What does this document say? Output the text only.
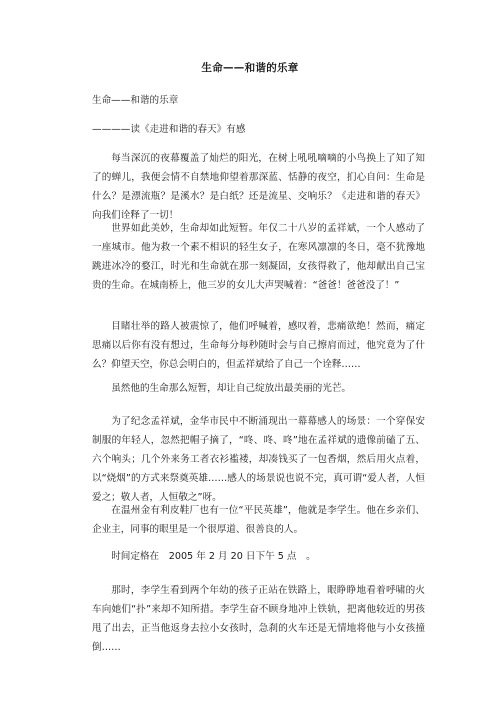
生命——和谐的乐章
生命——和谐的乐章
————读《走进和谐的春天》有感

每当深沉的夜幕覆盖了灿烂的阳光，在树上吼吼嘀嘀的小鸟换上了知了知了的蝉儿，我便会情不自禁地仰望着那深蓝、恬静的夜空，扪心自问：生命是什么？是漂流瓶？是溪水？是白纸？还是流星、交响乐？《走进和谐的春天》向我们诠释了一切！

世界如此美妙，生命却如此短暂。年仅二十八岁的孟祥斌，一个人感动了一座城市。他为救一个素不相识的轻生女子，在寒风凛凛的冬日，毫不犹豫地跳进冰冷的婺江，时光和生命就在那一刻凝固，女孩得救了，他却献出自己宝贵的生命。在城南桥上，他三岁的女儿大声哭喊着：“爸爸！爸爸没了！”

目睹壮举的路人被震惊了，他们呼喊着，感叹着，悲痛欲绝！然而，痛定思痛以后你有没有想过，生命每分每秒随时会与自己擦肩而过，他究竟为了什么？仰望天空，你总会明白的，但孟祥斌给了自己一个诠释……

虽然他的生命那么短暂，却让自己绽放出最美丽的光芒。

为了纪念孟祥斌，金华市民中不断涌现出一幕幕感人的场景：一个穿保安制服的年轻人，忽然把帽子摘了，“咚、咚、咚”地在孟祥斌的遗像前磕了五、六个响头；几个外来务工者衣衫褴褛，却凑钱买了一包香烟，然后用火点着，以“烧烟”的方式来祭奠英雄……感人的场景说也说不完，真可谓“爱人者，人恒爱之；敬人者，人恒敬之”呀。

在温州金有利皮鞋厂也有一位“平民英雄”，他就是李学生。他在乡亲们、企业主，同事的眼里是一个很厚道、很善良的人。

时间定格在　2005 年 2 月 20 日下午 5 点　。

那时，李学生看到两个年幼的孩子正站在铁路上，眼睁睁地看着呼啸的火车向她们“扑”来却不知所措。李学生奋不顾身地冲上铁轨，把离他较近的男孩甩了出去，正当他返身去拉小女孩时，急刹的火车还是无情地将他与小女孩撞倒……
